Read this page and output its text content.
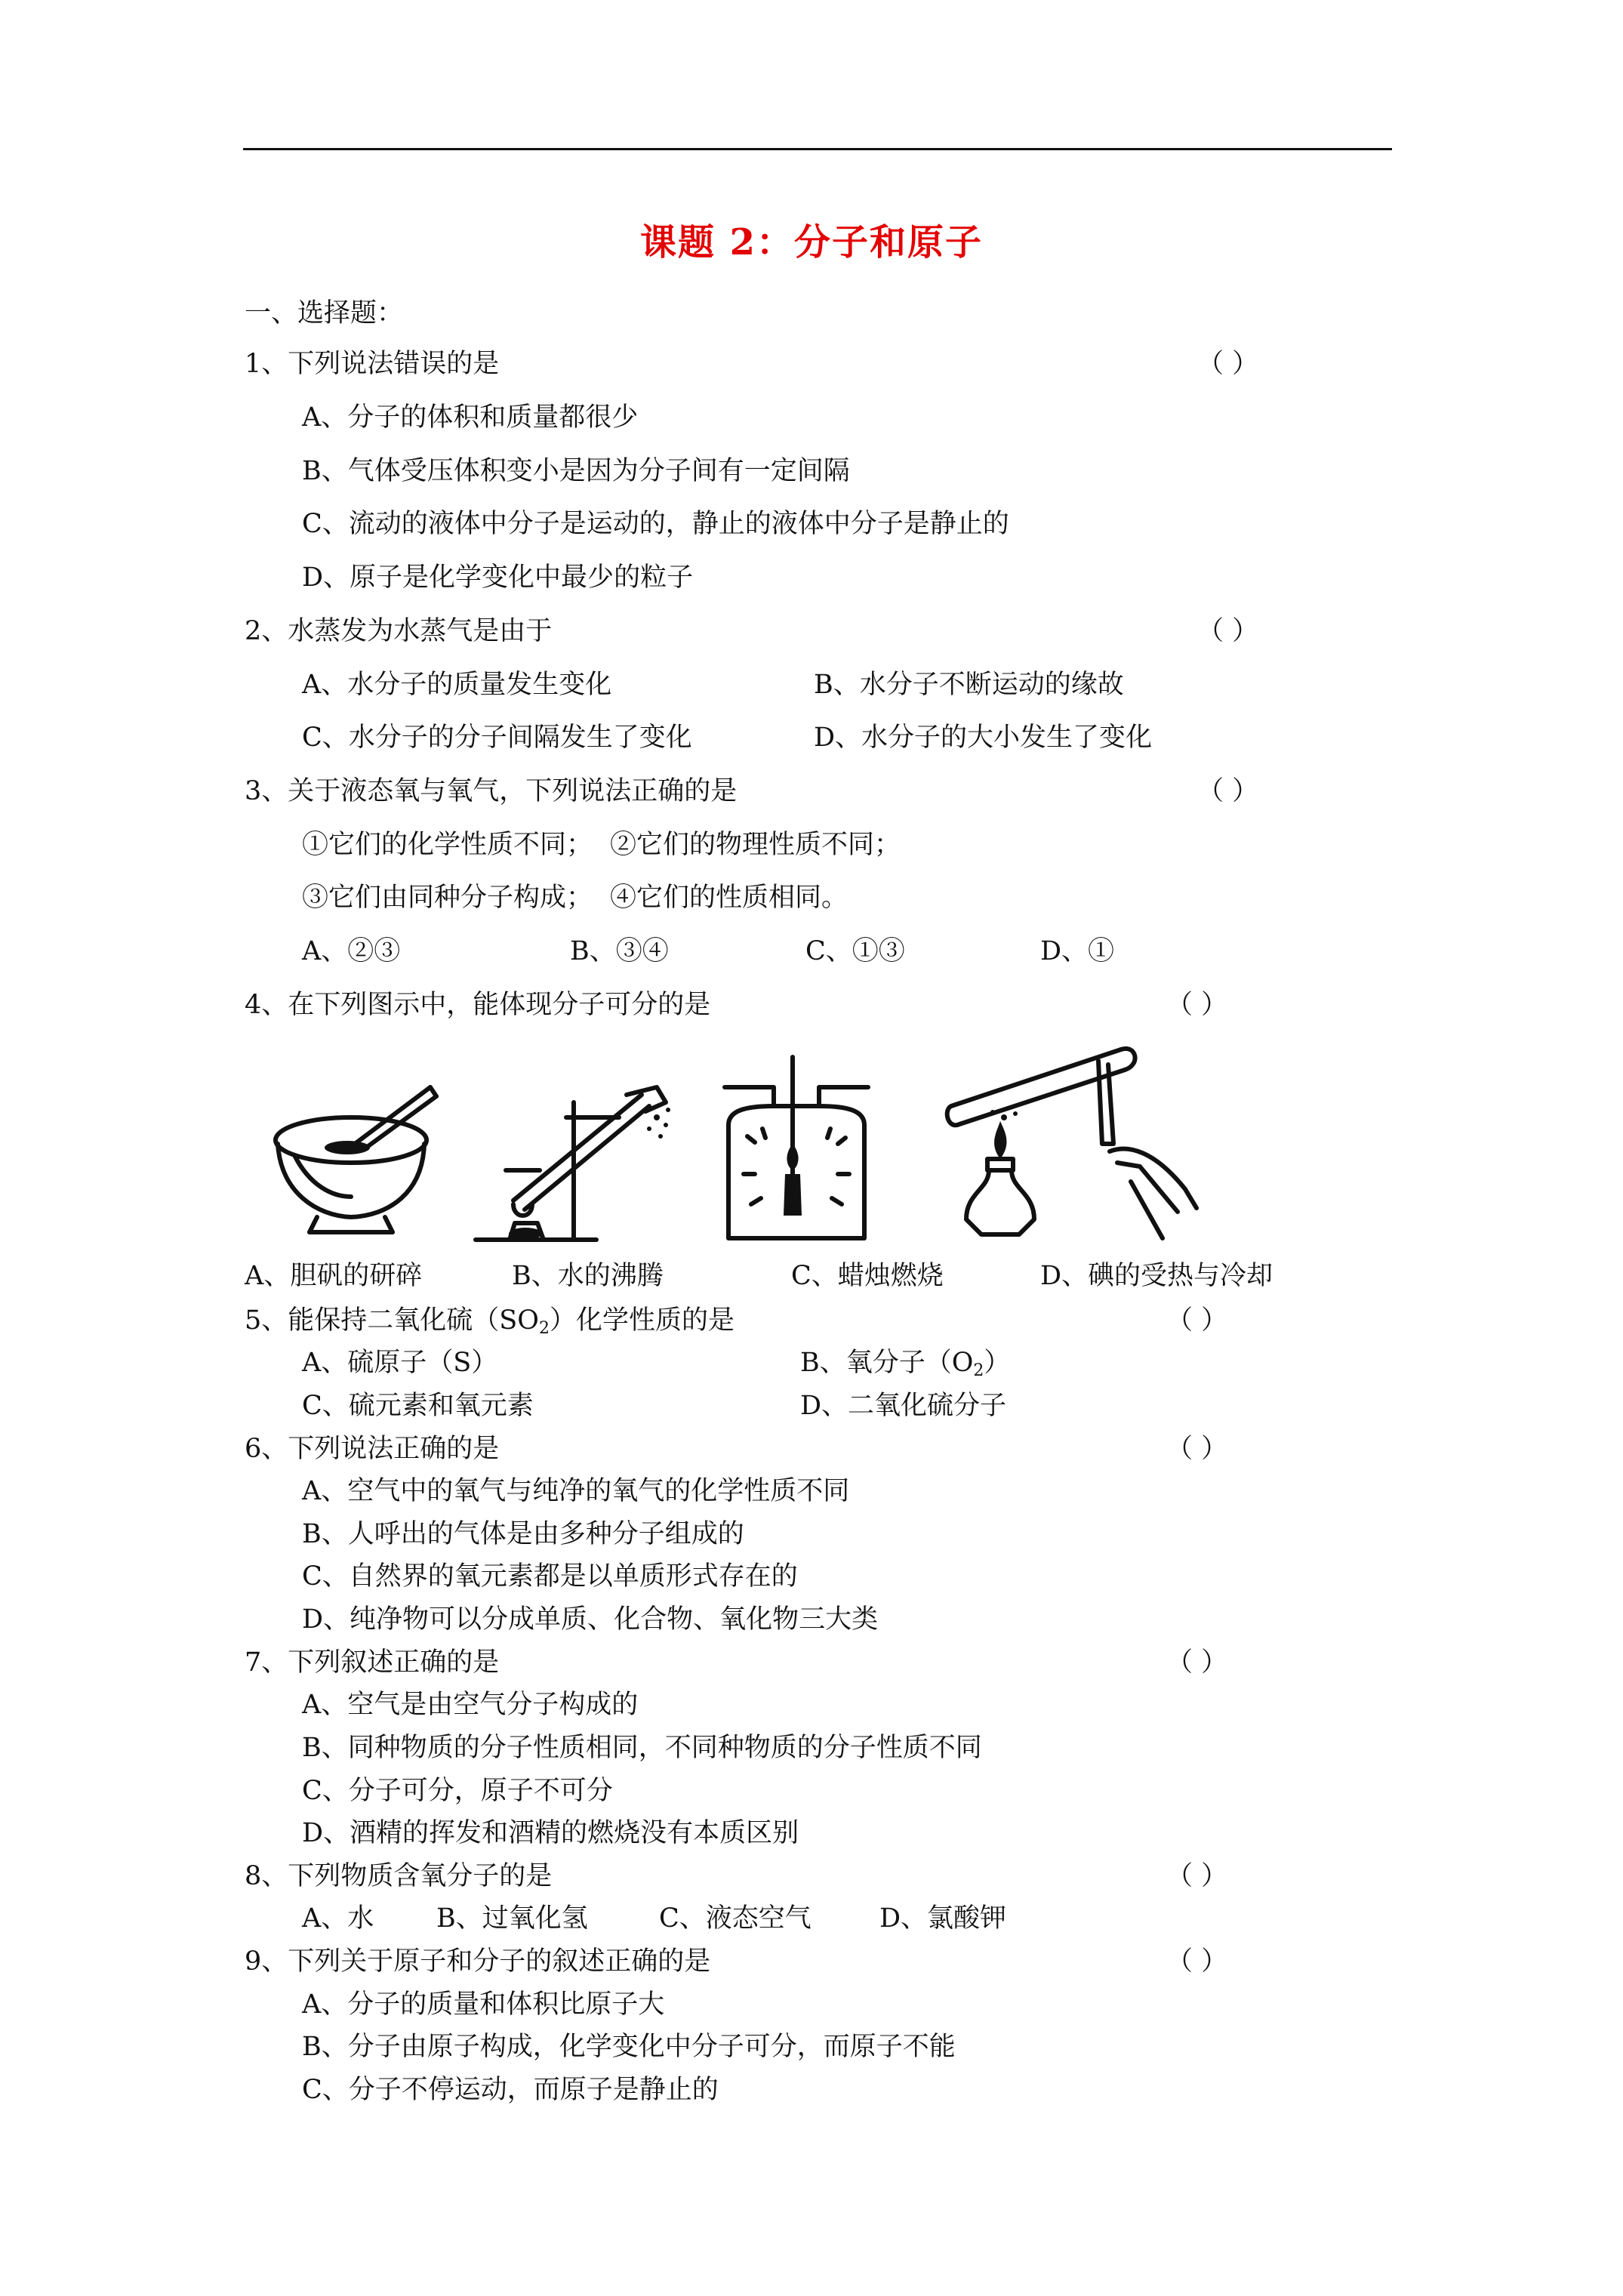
课题 2：分子和原子
一、选择题：
1、下列说法错误的是	（ ）
A、分子的体积和质量都很少
B、气体受压体积变小是因为分子间有一定间隔
C、流动的液体中分子是运动的，静止的液体中分子是静止的
D、原子是化学变化中最少的粒子
2、水蒸发为水蒸气是由于	（ ）
A、水分子的质量发生变化	B、水分子不断运动的缘故
C、水分子的分子间隔发生了变化	D、水分子的大小发生了变化
3、关于液态氧与氧气，下列说法正确的是	（ ）
①它们的化学性质不同； ②它们的物理性质不同；
③它们由同种分子构成； ④它们的性质相同。
A、②③	B、③④	C、①③	D、①
4、在下列图示中，能体现分子可分的是	（ ）
A、胆矾的研碎	B、水的沸腾	C、蜡烛燃烧	D、碘的受热与冷却
5、能保持二氧化硫$(SO_2)$化学性质的是	（ ）
A、硫原子（S）	B、氧分子$(O_2)$
C、硫元素和氧元素	D、二氧化硫分子
6、下列说法正确的是	（ ）
A、空气中的氧气与纯净的氧气的化学性质不同
B、人呼出的气体是由多种分子组成的
C、自然界的氧元素都是以单质形式存在的
D、纯净物可以分成单质、化合物、氧化物三大类
7、下列叙述正确的是	（ ）
A、空气是由空气分子构成的
B、同种物质的分子性质相同，不同种物质的分子性质不同
C、分子可分，原子不可分
D、酒精的挥发和酒精的燃烧没有本质区别
8、下列物质含氧分子的是	（ ）
A、水 B、过氧化氢	C、液态空气	D、氯酸钾
9、下列关于原子和分子的叙述正确的是	（ ）
A、分子的质量和体积比原子大
B、分子由原子构成，化学变化中分子可分，而原子不能
C、分子不停运动，而原子是静止的
